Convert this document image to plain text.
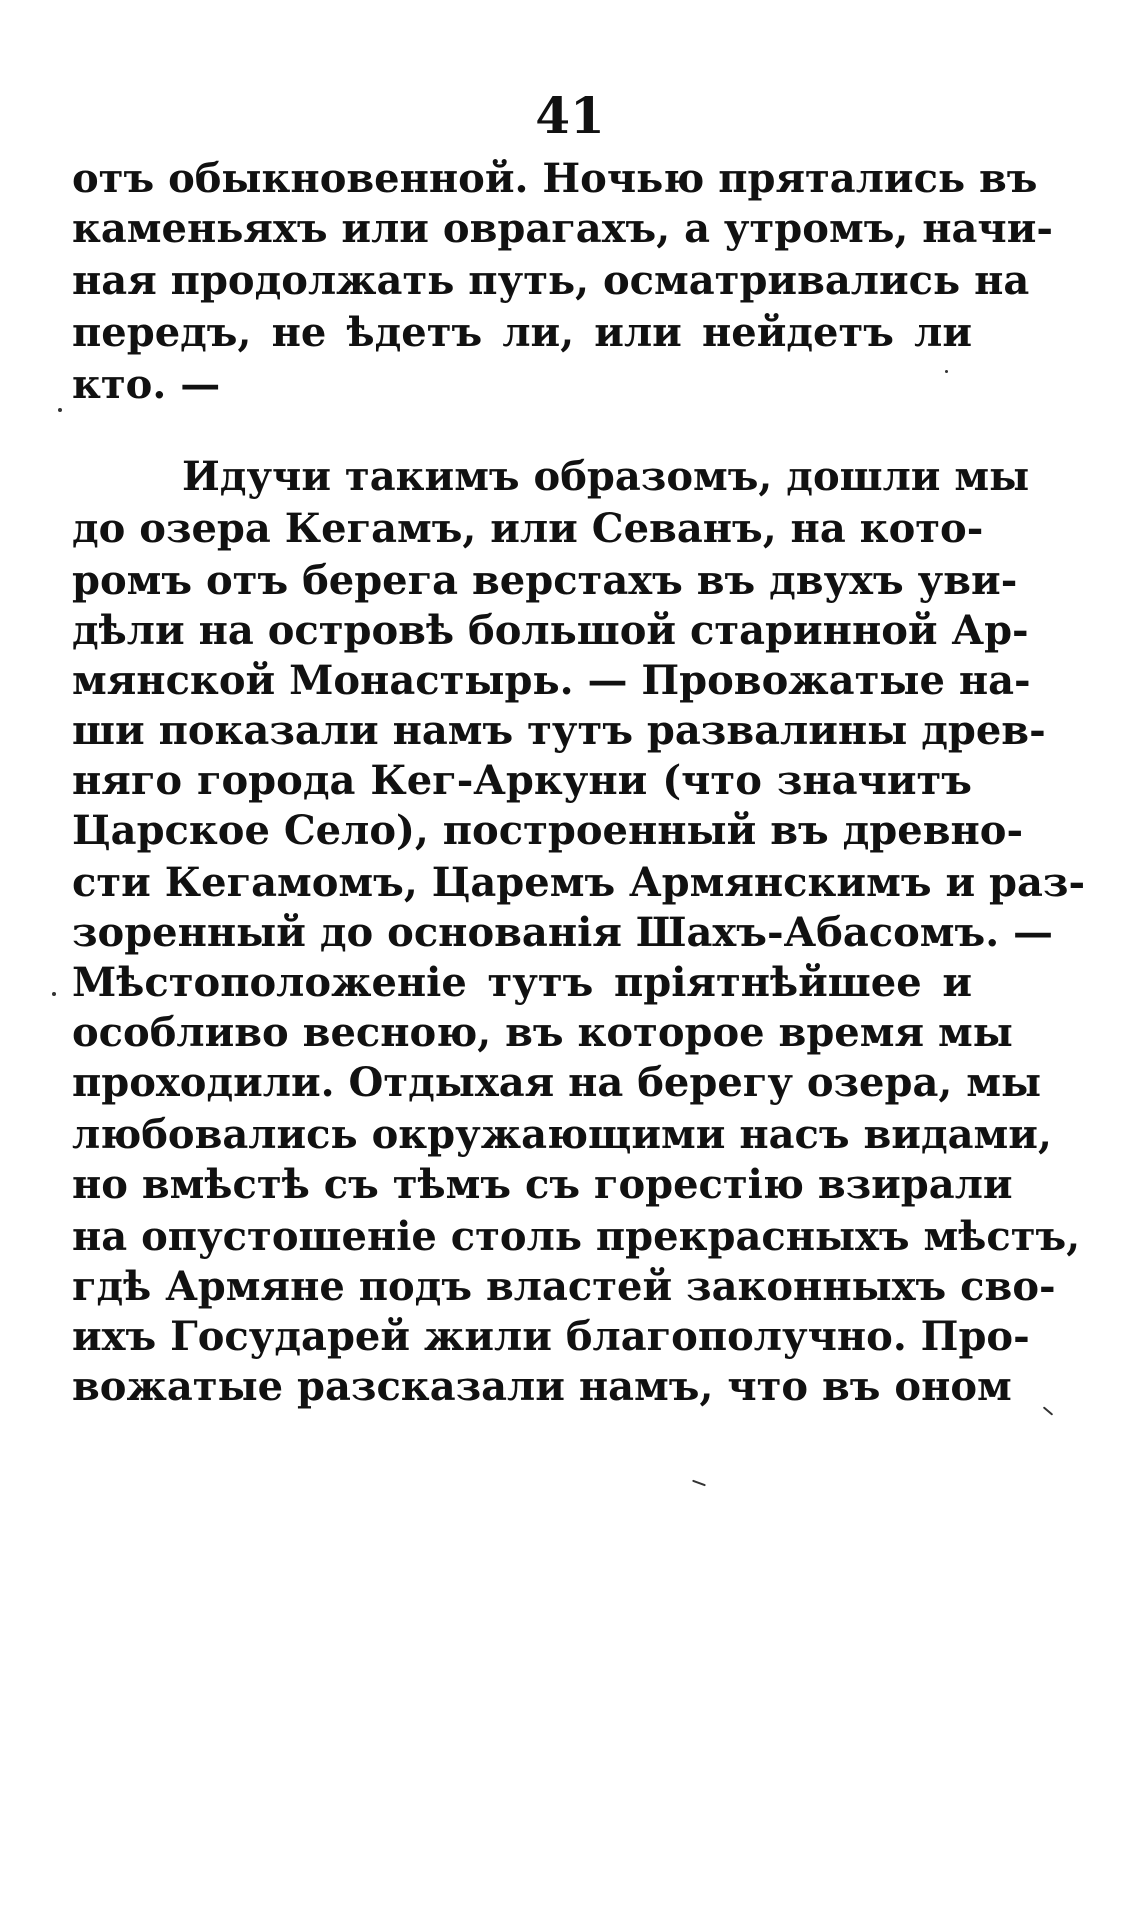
41
отъ обыкновенной. Ночью прятались въ
каменьяхъ или оврагахъ, а утромъ, начи-
ная продолжать путь, осматривались на
передъ, не ѣдетъ ли, или нейдетъ ли
кто. —
Идучи такимъ образомъ, дошли мы
до озера Кегамъ, или Севанъ, на кото-
ромъ отъ берега верстахъ въ двухъ уви-
дѣли на островѣ большой старинной Ар-
мянской Монастырь. — Провожатые на-
ши показали намъ тутъ развалины древ-
няго города Кег-Аркуни (что значитъ
Царское Село), построенный въ древно-
сти Кегамомъ, Царемъ Армянскимъ и раз-
зоренный до основанія Шахъ-Абасомъ. —
Мѣстоположеніе тутъ пріятнѣйшее и
особливо весною, въ которое время мы
проходили. Отдыхая на берегу озера, мы
любовались окружающими насъ видами,
но вмѣстѣ съ тѣмъ съ горестію взирали
на опустошеніе столь прекрасныхъ мѣстъ,
гдѣ Армяне подъ властей законныхъ сво-
ихъ Государей жили благополучно. Про-
вожатые разсказали намъ, что въ оном
